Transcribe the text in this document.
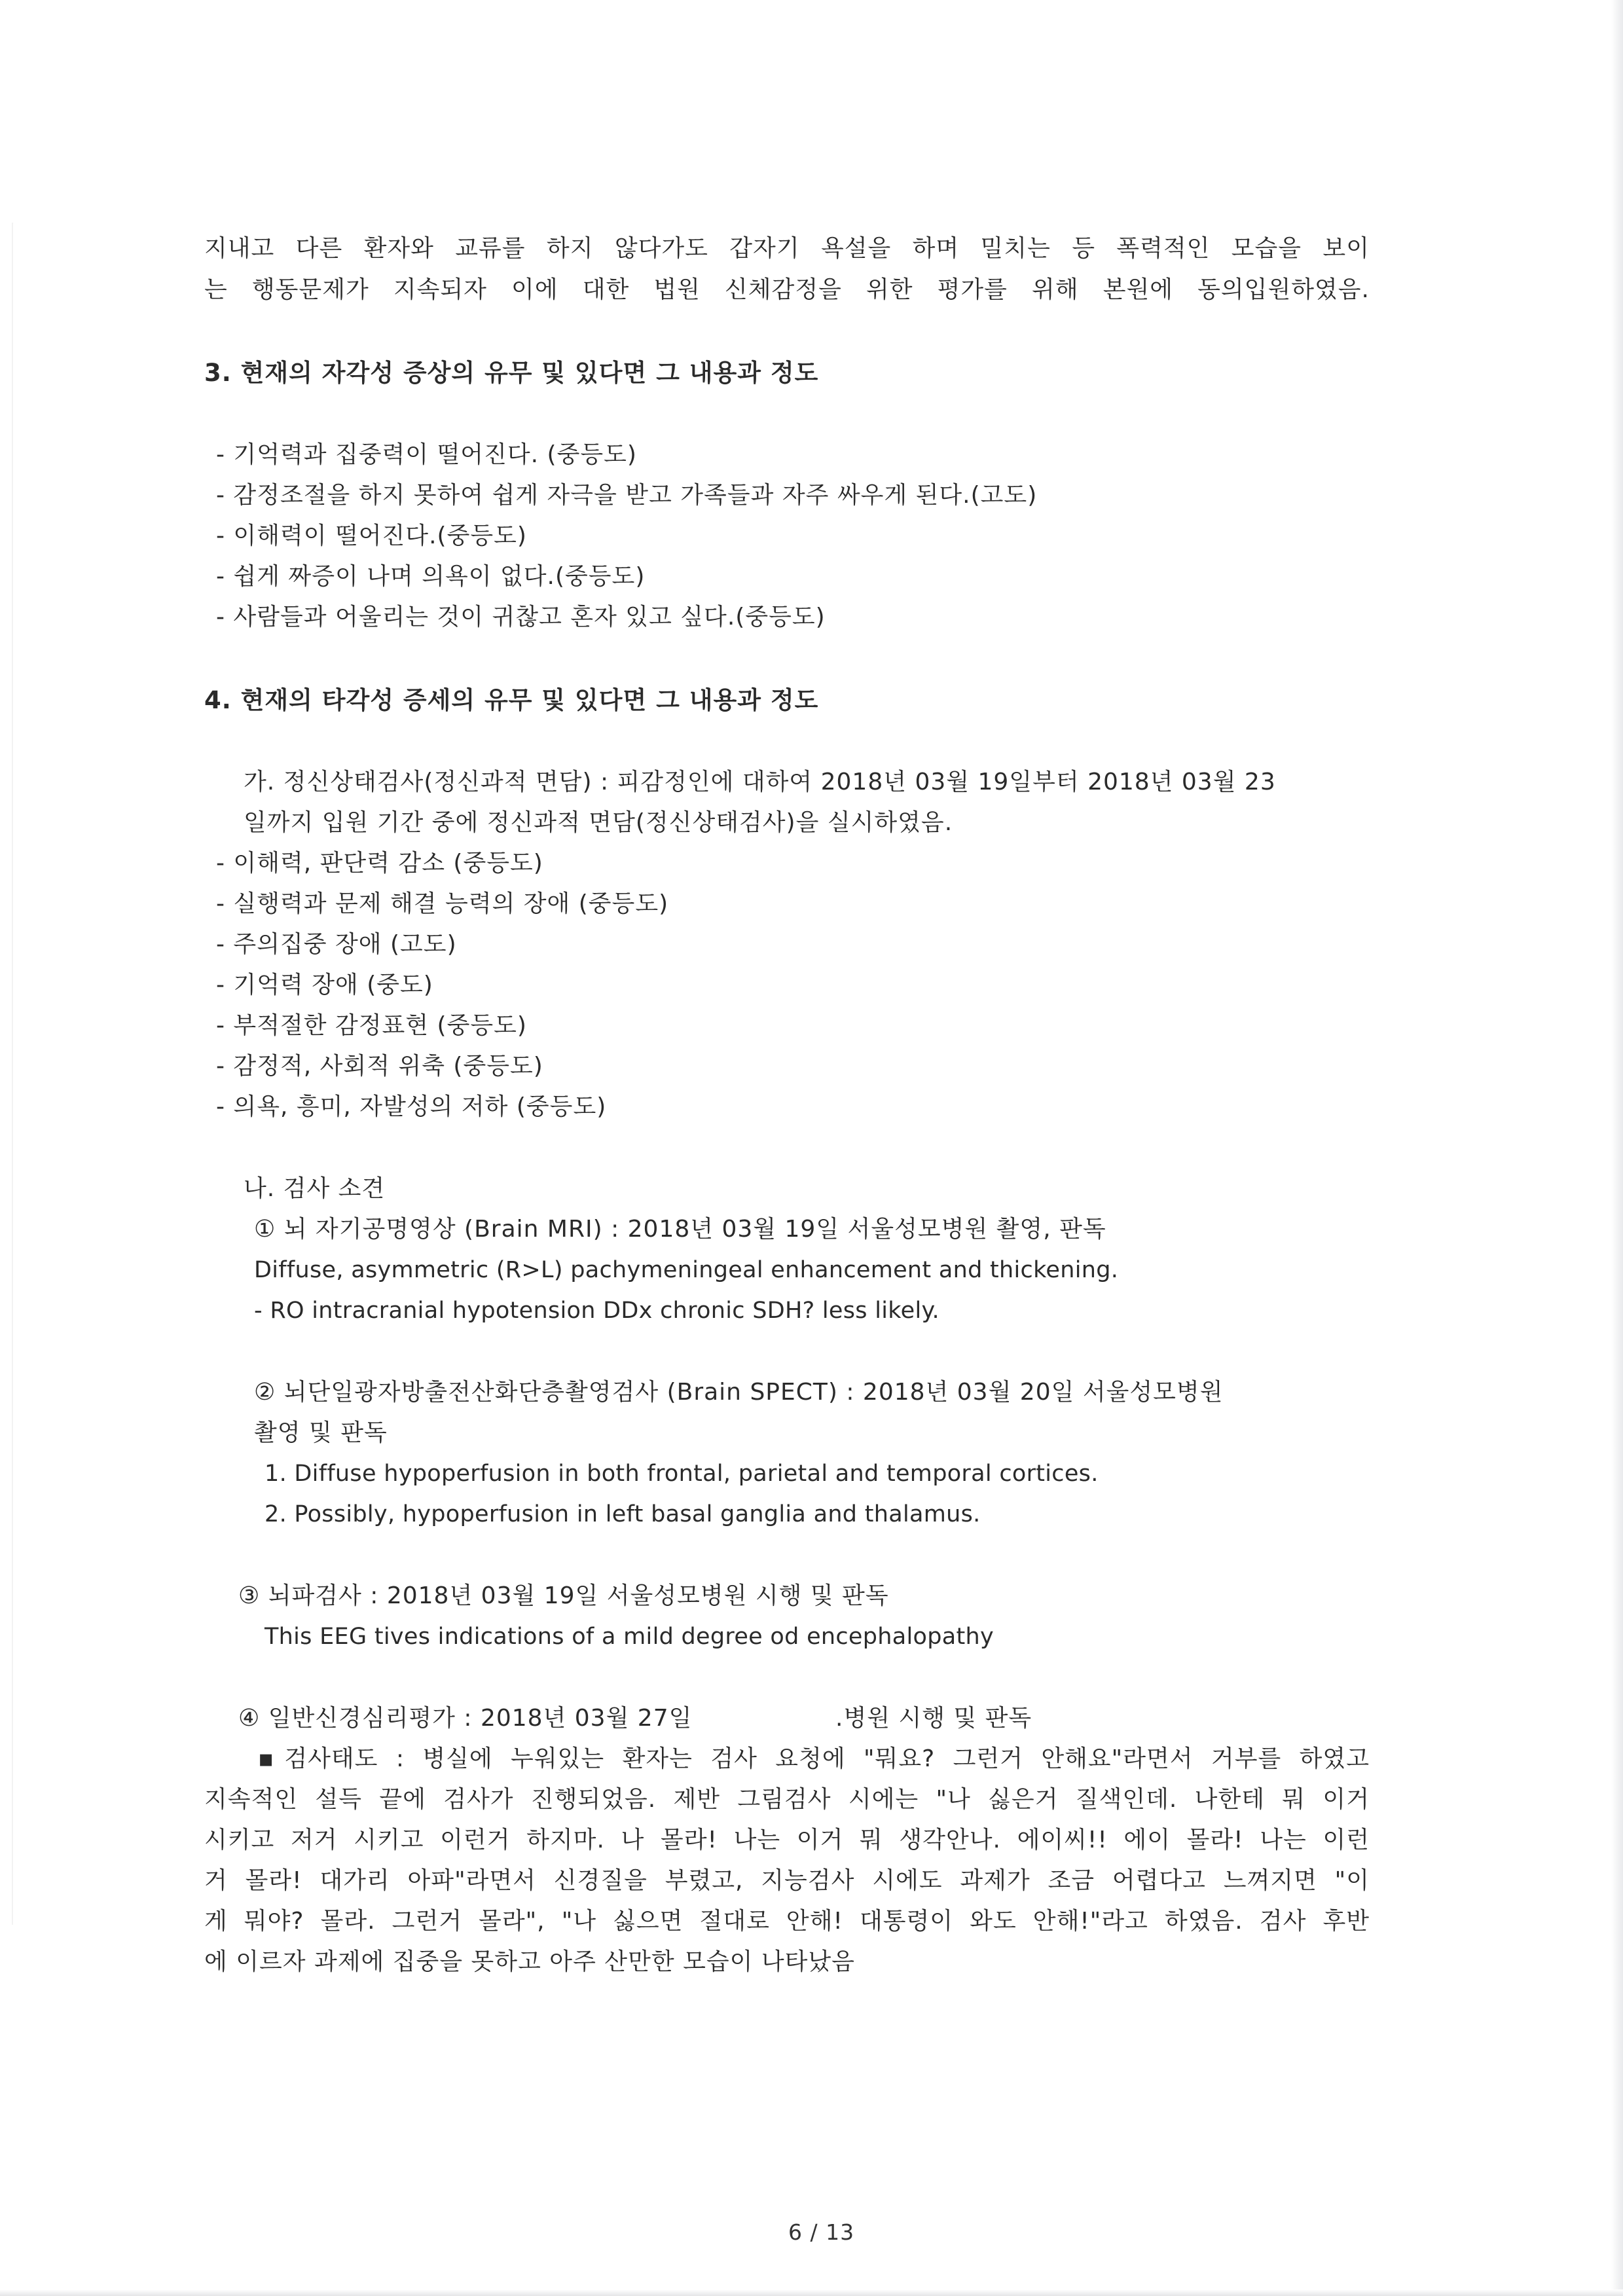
지내고 다른 환자와 교류를 하지 않다가도 갑자기 욕설을 하며 밀치는 등 폭력적인 모습을 보이

는 행동문제가 지속되자 이에 대한 법원 신체감정을 위한 평가를 위해 본원에 동의입원하였음.

3. 현재의 자각성 증상의 유무 및 있다면 그 내용과 정도

- 기억력과 집중력이 떨어진다. (중등도)

- 감정조절을 하지 못하여 쉽게 자극을 받고 가족들과 자주 싸우게 된다.(고도)

- 이해력이 떨어진다.(중등도)

- 쉽게 짜증이 나며 의욕이 없다.(중등도)

- 사람들과 어울리는 것이 귀찮고 혼자 있고 싶다.(중등도)

4. 현재의 타각성 증세의 유무 및 있다면 그 내용과 정도

가. 정신상태검사(정신과적 면담) : 피감정인에 대하여 2018년 03월 19일부터 2018년 03월 23

일까지 입원 기간 중에 정신과적 면담(정신상태검사)을 실시하였음.

- 이해력, 판단력 감소 (중등도)

- 실행력과 문제 해결 능력의 장애 (중등도)

- 주의집중 장애 (고도)

- 기억력 장애 (중도)

- 부적절한 감정표현 (중등도)

- 감정적, 사회적 위축 (중등도)

- 의욕, 흥미, 자발성의 저하 (중등도)

나. 검사 소견

① 뇌 자기공명영상 (Brain MRI) : 2018년 03월 19일 서울성모병원 촬영, 판독

Diffuse, asymmetric (R>L) pachymeningeal enhancement and thickening.

- RO intracranial hypotension DDx chronic SDH? less likely.

② 뇌단일광자방출전산화단층촬영검사 (Brain SPECT) : 2018년 03월 20일 서울성모병원

촬영 및 판독

1. Diffuse hypoperfusion in both frontal, parietal and temporal cortices.

2. Possibly, hypoperfusion in left basal ganglia and thalamus.

③ 뇌파검사 : 2018년 03월 19일 서울성모병원 시행 및 판독

This EEG tives indications of a mild degree od encephalopathy

④ 일반신경심리평가 : 2018년 03월 27일	.병원 시행 및 판독

▪검사태도 : 병실에 누워있는 환자는 검사 요청에 "뭐요? 그런거 안해요"라면서 거부를 하였고

지속적인 설득 끝에 검사가 진행되었음. 제반 그림검사 시에는 "나 싫은거 질색인데. 나한테 뭐 이거

시키고 저거 시키고 이런거 하지마. 나 몰라! 나는 이거 뭐 생각안나. 에이씨!! 에이 몰라! 나는 이런

거 몰라! 대가리 아파"라면서 신경질을 부렸고, 지능검사 시에도 과제가 조금 어렵다고 느껴지면 "이

게 뭐야? 몰라. 그런거 몰라", "나 싫으면 절대로 안해! 대통령이 와도 안해!"라고 하였음. 검사 후반

에 이르자 과제에 집중을 못하고 아주 산만한 모습이 나타났음

6 / 13
